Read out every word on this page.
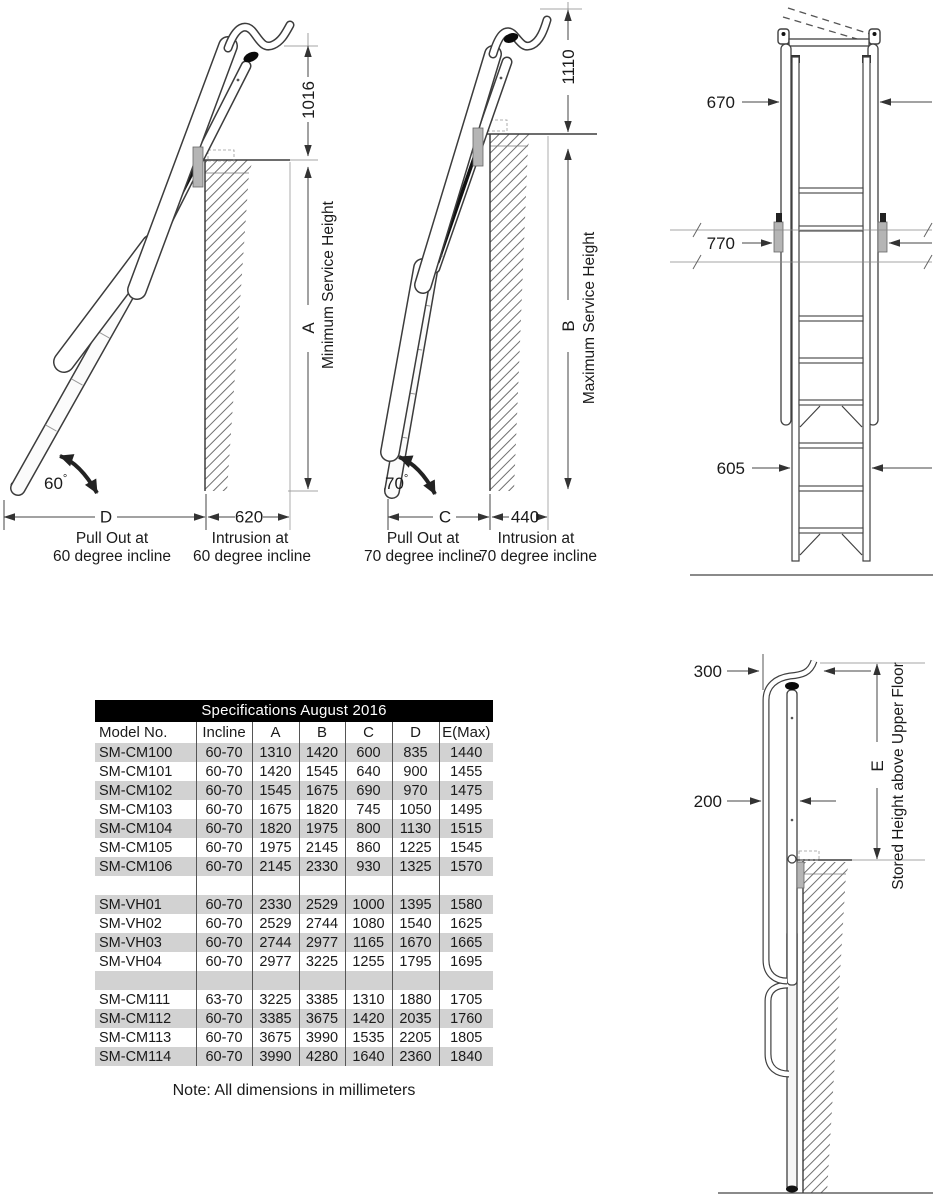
1016
A Minimum Service Height
D	620
Pull Out at
60 degree incline
Intrusion at
60 degree incline
60°
1110
B Maximum Service Height
C	440
Pull Out at
70 degree incline
Intrusion at
70 degree incline
70°
670
770
605
300
200
E Stored Height above Upper Floor
Specifications August 2016
Model No.	Incline	A	B	C	D	E(Max)
SM-CM100	60-70	1310	1420	600	835	1440
SM-CM101	60-70	1420	1545	640	900	1455
SM-CM102	60-70	1545	1675	690	970	1475
SM-CM103	60-70	1675	1820	745	1050	1495
SM-CM104	60-70	1820	1975	800	1130	1515
SM-CM105	60-70	1975	2145	860	1225	1545
SM-CM106	60-70	2145	2330	930	1325	1570

SM-VH01	60-70	2330	2529	1000	1395	1580
SM-VH02	60-70	2529	2744	1080	1540	1625
SM-VH03	60-70	2744	2977	1165	1670	1665
SM-VH04	60-70	2977	3225	1255	1795	1695

SM-CM111	63-70	3225	3385	1310	1880	1705
SM-CM112	60-70	3385	3675	1420	2035	1760
SM-CM113	60-70	3675	3990	1535	2205	1805
SM-CM114	60-70	3990	4280	1640	2360	1840
Note: All dimensions in millimeters
